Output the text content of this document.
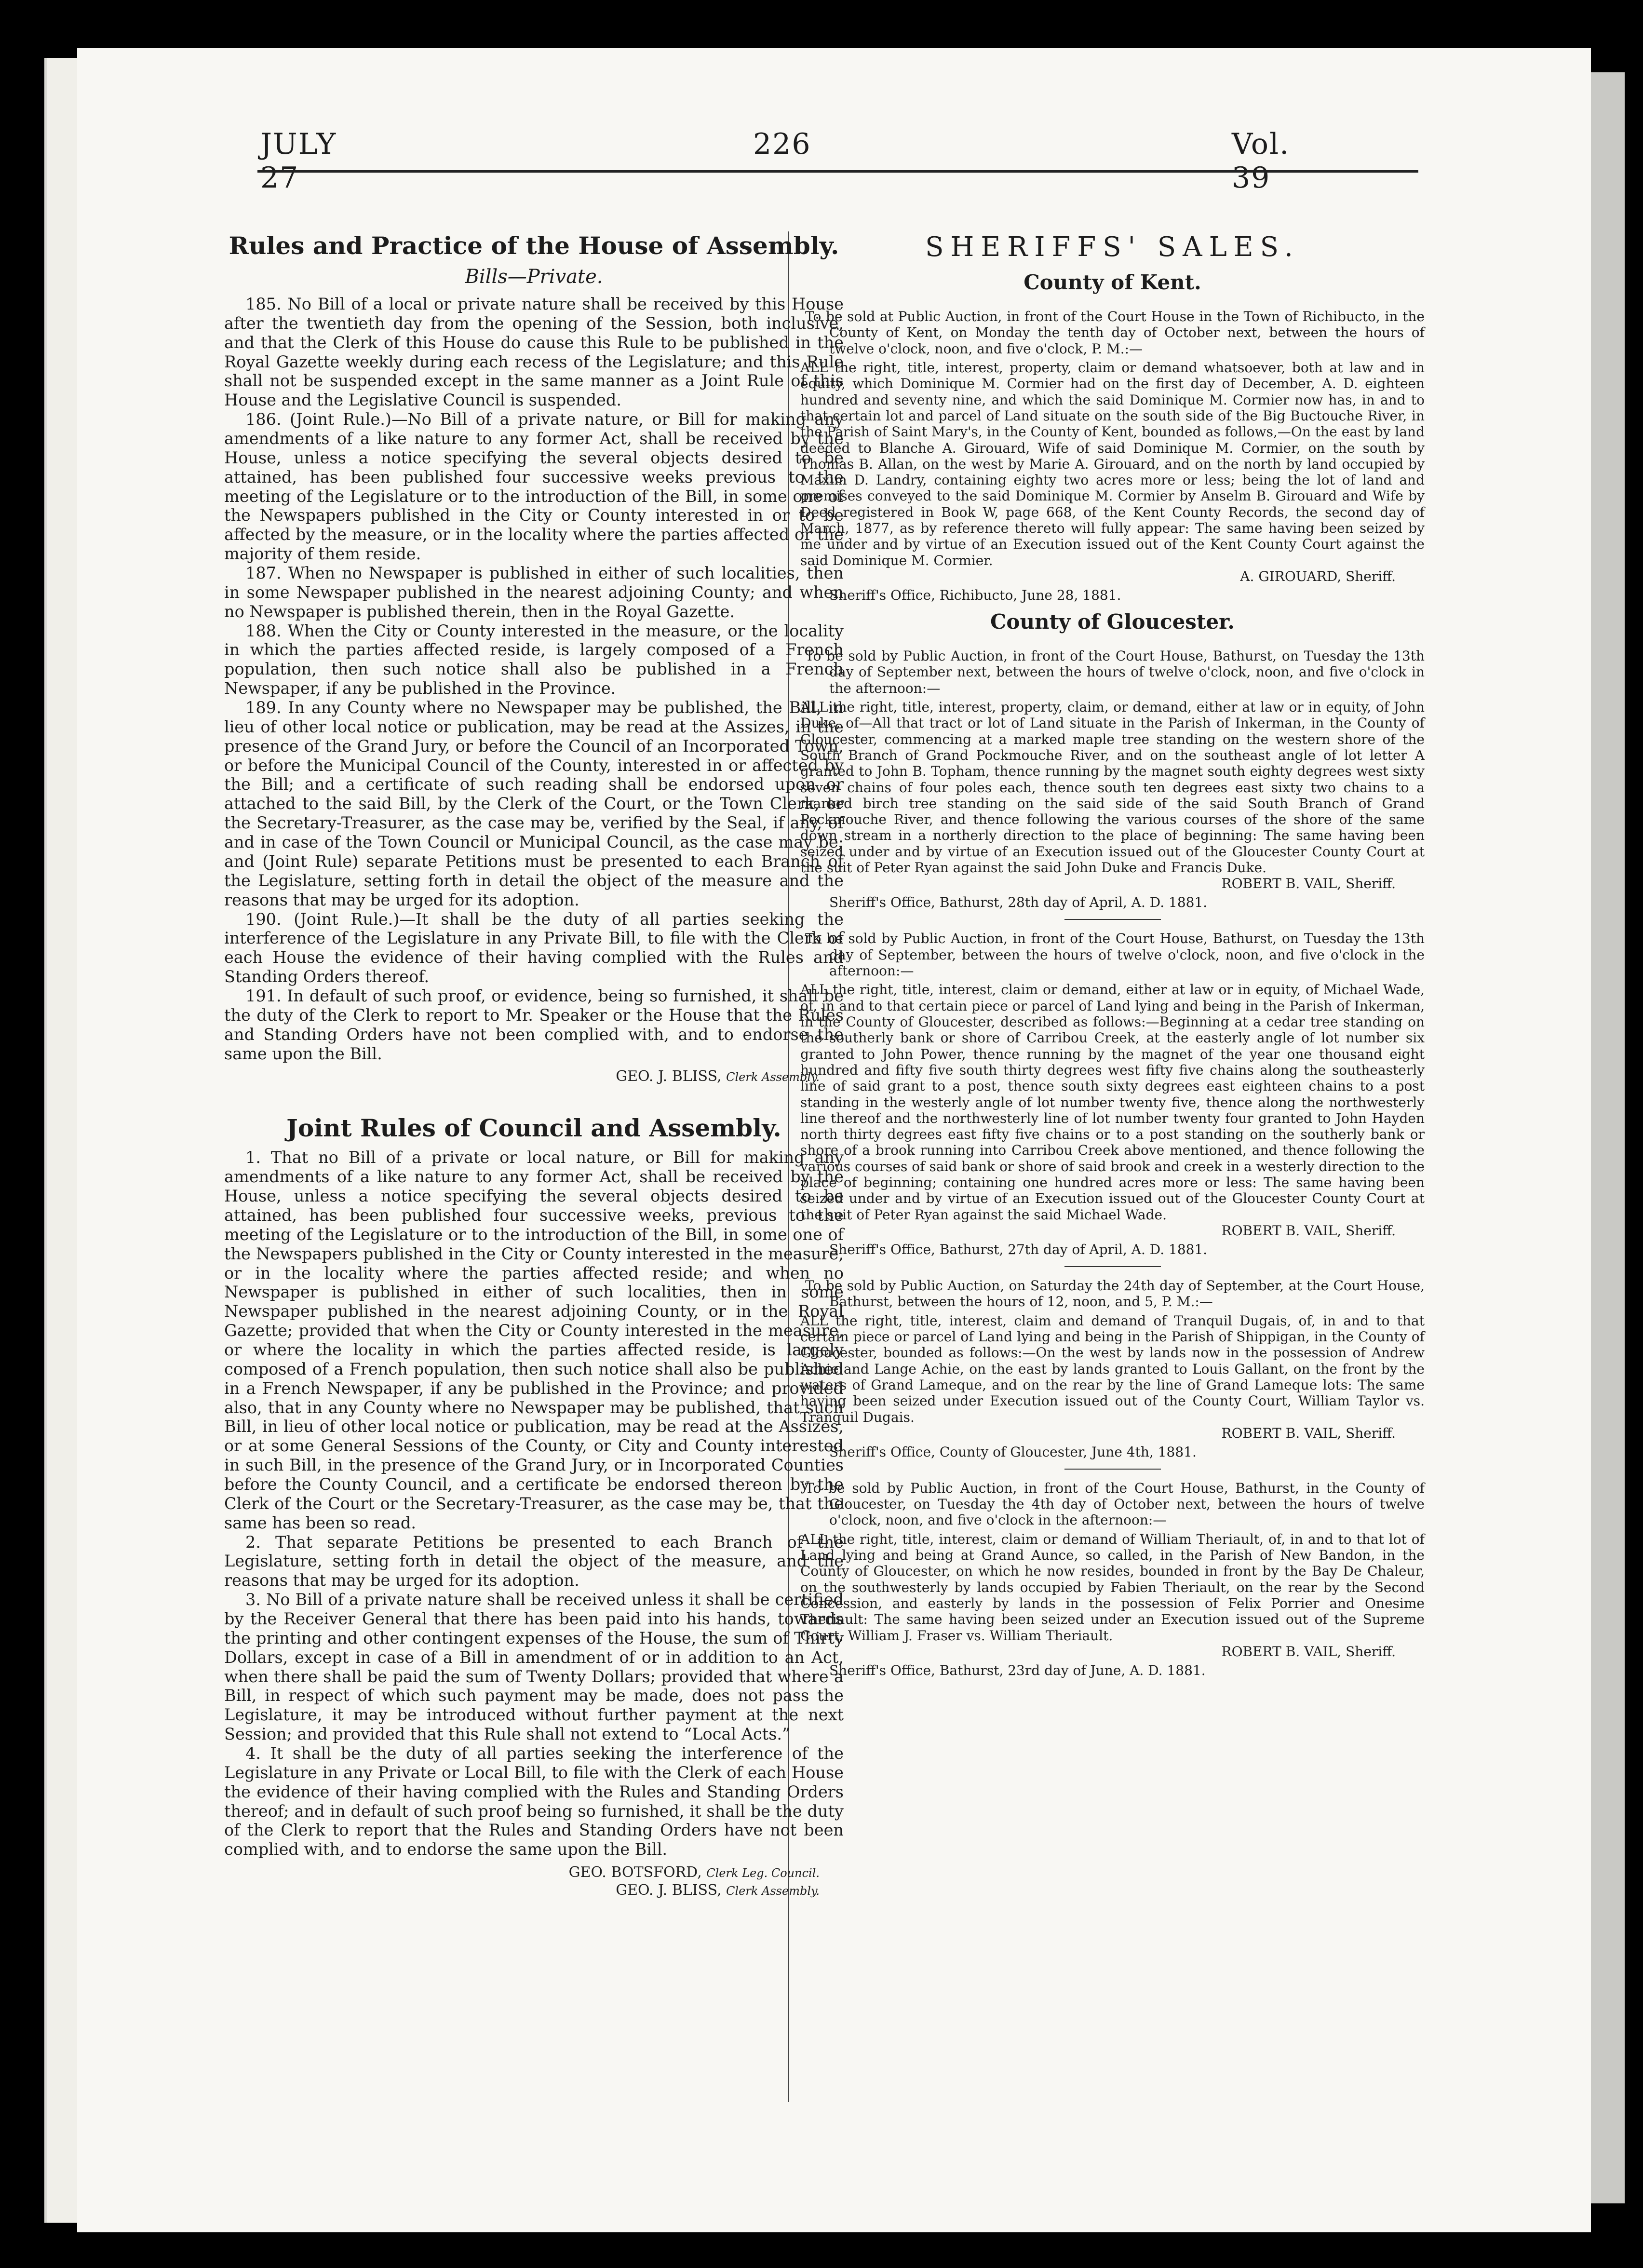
JULY 27
226	Vol. 39
Rules and Practice of the House of Assembly.
Bills—Private.

185. No Bill of a local or private nature shall be received by this House after the twentieth day from the opening of the Session, both inclusive, and that the Clerk of this House do cause this Rule to be published in the Royal Gazette weekly during each recess of the Legislature; and this Rule shall not be suspended except in the same manner as a Joint Rule of this House and the Legislative Council is suspended.

186. (Joint Rule.)—No Bill of a private nature, or Bill for making any amendments of a like nature to any former Act, shall be received by the House, unless a notice specifying the several objects desired to be attained, has been published four successive weeks previous to the meeting of the Legislature or to the introduction of the Bill, in some one of the Newspapers published in the City or County interested in or to be affected by the measure, or in the locality where the parties affected or the majority of them reside.

187. When no Newspaper is published in either of such localities, then in some Newspaper published in the nearest adjoining County; and when no Newspaper is published therein, then in the Royal Gazette.

188. When the City or County interested in the measure, or the locality in which the parties affected reside, is largely composed of a French population, then such notice shall also be published in a French Newspaper, if any be published in the Province.

189. In any County where no Newspaper may be published, the Bill, in lieu of other local notice or publication, may be read at the Assizes, in the presence of the Grand Jury, or before the Council of an Incorporated Town, or before the Municipal Council of the County, interested in or affected by the Bill; and a certificate of such reading shall be endorsed upon or attached to the said Bill, by the Clerk of the Court, or the Town Clerk, or the Secretary-Treasurer, as the case may be, verified by the Seal, if any, of and in case of the Town Council or Municipal Council, as the case may be; and (Joint Rule) separate Petitions must be presented to each Branch of the Legislature, setting forth in detail the object of the measure and the reasons that may be urged for its adoption.

190. (Joint Rule.)—It shall be the duty of all parties seeking the interference of the Legislature in any Private Bill, to file with the Clerk of each House the evidence of their having complied with the Rules and Standing Orders thereof.

191. In default of such proof, or evidence, being so furnished, it shall be the duty of the Clerk to report to Mr. Speaker or the House that the Rules and Standing Orders have not been complied with, and to endorse the same upon the Bill.

GEO. J. BLISS, Clerk Assembly.
Joint Rules of Council and Assembly.

1. That no Bill of a private or local nature, or Bill for making any amendments of a like nature to any former Act, shall be received by the House, unless a notice specifying the several objects desired to be attained, has been published four successive weeks, previous to the meeting of the Legislature or to the introduction of the Bill, in some one of the Newspapers published in the City or County interested in the measure, or in the locality where the parties affected reside; and when no Newspaper is published in either of such localities, then in some Newspaper published in the nearest adjoining County, or in the Royal Gazette; provided that when the City or County interested in the measure, or where the locality in which the parties affected reside, is largely composed of a French population, then such notice shall also be published in a French Newspaper, if any be published in the Province; and provided also, that in any County where no Newspaper may be published, that such Bill, in lieu of other local notice or publication, may be read at the Assizes, or at some General Sessions of the County, or City and County interested in such Bill, in the presence of the Grand Jury, or in Incorporated Counties before the County Council, and a certificate be endorsed thereon by the Clerk of the Court or the Secretary-Treasurer, as the case may be, that the same has been so read.

2. That separate Petitions be presented to each Branch of the Legislature, setting forth in detail the object of the measure, and the reasons that may be urged for its adoption.

3. No Bill of a private nature shall be received unless it shall be certified by the Receiver General that there has been paid into his hands, towards the printing and other contingent expenses of the House, the sum of Thirty Dollars, except in case of a Bill in amendment of or in addition to an Act, when there shall be paid the sum of Twenty Dollars; provided that where a Bill, in respect of which such payment may be made, does not pass the Legislature, it may be introduced without further payment at the next Session; and provided that this Rule shall not extend to “Local Acts.”

4. It shall be the duty of all parties seeking the interference of the Legislature in any Private or Local Bill, to file with the Clerk of each House the evidence of their having complied with the Rules and Standing Orders thereof; and in default of such proof being so furnished, it shall be the duty of the Clerk to report that the Rules and Standing Orders have not been complied with, and to endorse the same upon the Bill.

GEO. BOTSFORD, Clerk Leg. Council.
GEO. J. BLISS, Clerk Assembly.
SHERIFFS' SALES.
County of Kent.

To be sold at Public Auction, in front of the Court House in the Town of Richibucto, in the County of Kent, on Monday the tenth day of October next, between the hours of twelve o'clock, noon, and five o'clock, P. M.:—

ALL the right, title, interest, property, claim or demand whatsoever, both at law and in equity, which Dominique M. Cormier had on the first day of December, A. D. eighteen hundred and seventy nine, and which the said Dominique M. Cormier now has, in and to that certain lot and parcel of Land situate on the south side of the Big Buctouche River, in the Parish of Saint Mary's, in the County of Kent, bounded as follows,—On the east by land deeded to Blanche A. Girouard, Wife of said Dominique M. Cormier, on the south by Thomas B. Allan, on the west by Marie A. Girouard, and on the north by land occupied by Maxim D. Landry, containing eighty two acres more or less; being the lot of land and premises conveyed to the said Dominique M. Cormier by Anselm B. Girouard and Wife by Deed registered in Book W, page 668, of the Kent County Records, the second day of March, 1877, as by reference thereto will fully appear: The same having been seized by me under and by virtue of an Execution issued out of the Kent County Court against the said Dominique M. Cormier.

A. GIROUARD, Sheriff.
Sheriff's Office, Richibucto, June 28, 1881.
County of Gloucester.

To be sold by Public Auction, in front of the Court House, Bathurst, on Tuesday the 13th day of September next, between the hours of twelve o'clock, noon, and five o'clock in the afternoon:—

ALL the right, title, interest, property, claim, or demand, either at law or in equity, of John Duke, of—All that tract or lot of Land situate in the Parish of Inkerman, in the County of Gloucester, commencing at a marked maple tree standing on the western shore of the South Branch of Grand Pockmouche River, and on the southeast angle of lot letter A granted to John B. Topham, thence running by the magnet south eighty degrees west sixty seven chains of four poles each, thence south ten degrees east sixty two chains to a marked birch tree standing on the said side of the said South Branch of Grand Pockmouche River, and thence following the various courses of the shore of the same down stream in a northerly direction to the place of beginning: The same having been seized under and by virtue of an Execution issued out of the Gloucester County Court at the suit of Peter Ryan against the said John Duke and Francis Duke.

ROBERT B. VAIL, Sheriff.
Sheriff's Office, Bathurst, 28th day of April, A. D. 1881.

To be sold by Public Auction, in front of the Court House, Bathurst, on Tuesday the 13th day of September, between the hours of twelve o'clock, noon, and five o'clock in the afternoon:—

ALL the right, title, interest, claim or demand, either at law or in equity, of Michael Wade, of, in and to that certain piece or parcel of Land lying and being in the Parish of Inkerman, in the County of Gloucester, described as follows:—Beginning at a cedar tree standing on the southerly bank or shore of Carribou Creek, at the easterly angle of lot number six granted to John Power, thence running by the magnet of the year one thousand eight hundred and fifty five south thirty degrees west fifty five chains along the southeasterly line of said grant to a post, thence south sixty degrees east eighteen chains to a post standing in the westerly angle of lot number twenty five, thence along the northwesterly line thereof and the northwesterly line of lot number twenty four granted to John Hayden north thirty degrees east fifty five chains or to a post standing on the southerly bank or shore of a brook running into Carribou Creek above mentioned, and thence following the various courses of said bank or shore of said brook and creek in a westerly direction to the place of beginning; containing one hundred acres more or less: The same having been seized under and by virtue of an Execution issued out of the Gloucester County Court at the suit of Peter Ryan against the said Michael Wade.

ROBERT B. VAIL, Sheriff.
Sheriff's Office, Bathurst, 27th day of April, A. D. 1881.

To be sold by Public Auction, on Saturday the 24th day of September, at the Court House, Bathurst, between the hours of 12, noon, and 5, P. M.:—

ALL the right, title, interest, claim and demand of Tranquil Dugais, of, in and to that certain piece or parcel of Land lying and being in the Parish of Shippigan, in the County of Gloucester, bounded as follows:—On the west by lands now in the possession of Andrew Achie and Lange Achie, on the east by lands granted to Louis Gallant, on the front by the waters of Grand Lameque, and on the rear by the line of Grand Lameque lots: The same having been seized under Execution issued out of the County Court, William Taylor vs. Tranquil Dugais.

ROBERT B. VAIL, Sheriff.
Sheriff's Office, County of Gloucester, June 4th, 1881.

To be sold by Public Auction, in front of the Court House, Bathurst, in the County of Gloucester, on Tuesday the 4th day of October next, between the hours of twelve o'clock, noon, and five o'clock in the afternoon:—

ALL the right, title, interest, claim or demand of William Theriault, of, in and to that lot of Land lying and being at Grand Aunce, so called, in the Parish of New Bandon, in the County of Gloucester, on which he now resides, bounded in front by the Bay De Chaleur, on the southwesterly by lands occupied by Fabien Theriault, on the rear by the Second Concession, and easterly by lands in the possession of Felix Porrier and Onesime Theriault: The same having been seized under an Execution issued out of the Supreme Court, William J. Fraser vs. William Theriault.

ROBERT B. VAIL, Sheriff.
Sheriff's Office, Bathurst, 23rd day of June, A. D. 1881.
